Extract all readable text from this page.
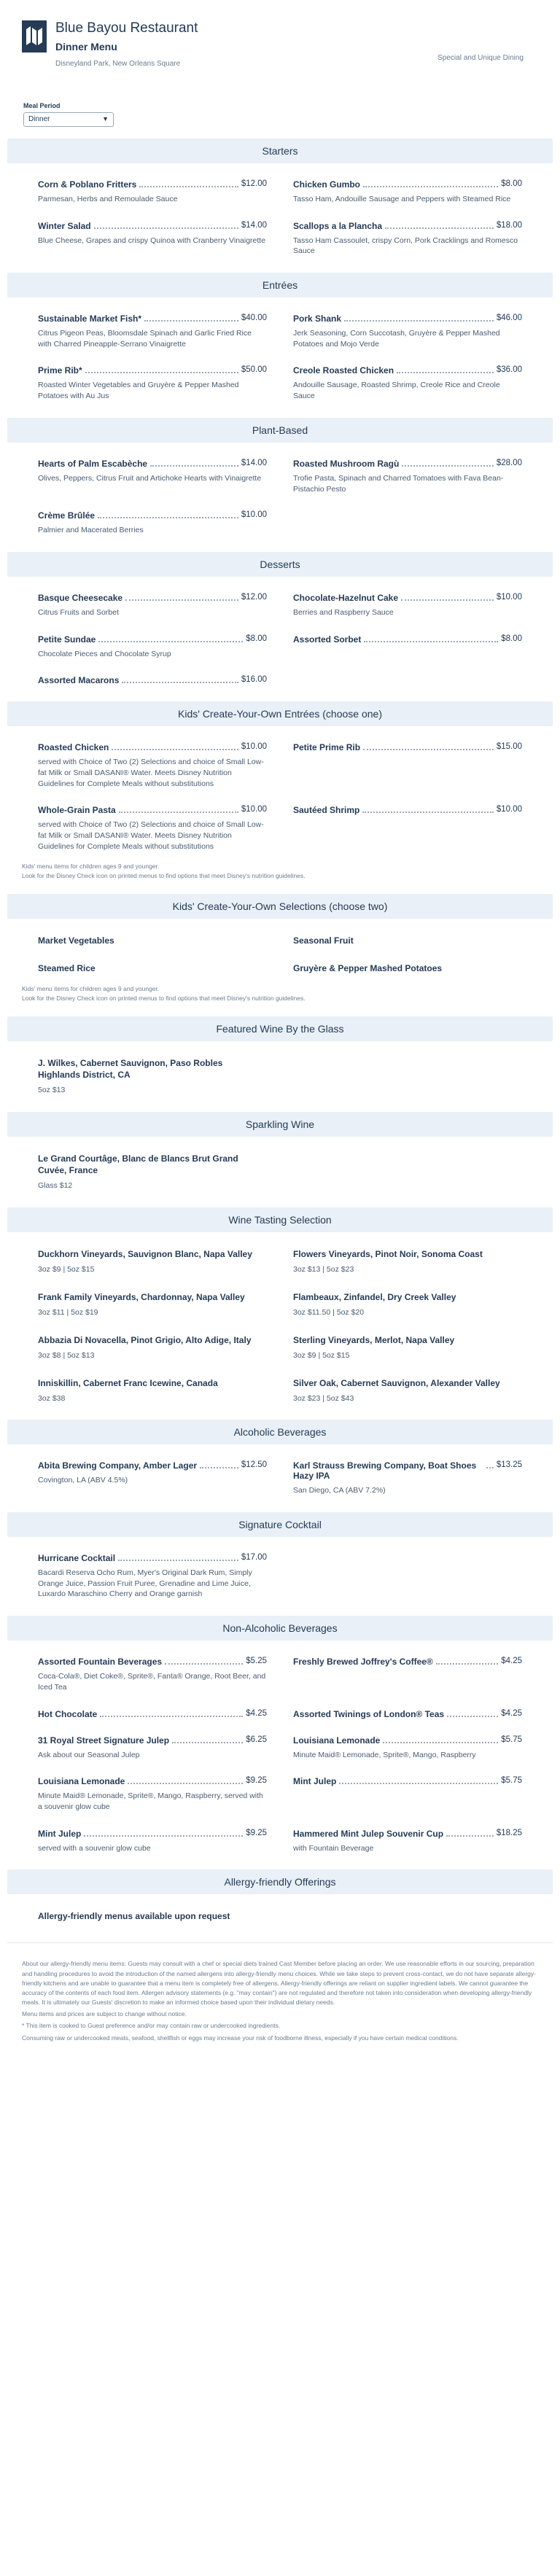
Blue Bayou Restaurant
Dinner Menu
Disneyland Park, New Orleans Square
Special and Unique Dining
Meal Period
Dinner	▼
Starters
Corn & Poblano Fritters	$12.00
Parmesan, Herbs and Remoulade Sauce
Chicken Gumbo	$8.00
Tasso Ham, Andouille Sausage and Peppers with Steamed Rice
Winter Salad	$14.00
Blue Cheese, Grapes and crispy Quinoa with Cranberry Vinaigrette
Scallops a la Plancha	$18.00
Tasso Ham Cassoulet, crispy Corn, Pork Cracklings and Romesco Sauce
Entrées
Sustainable Market Fish*	$40.00
Citrus Pigeon Peas, Bloomsdale Spinach and Garlic Fried Rice with Charred Pineapple-Serrano Vinaigrette
Pork Shank	$46.00
Jerk Seasoning, Corn Succotash, Gruyère & Pepper Mashed Potatoes and Mojo Verde
Prime Rib*	$50.00
Roasted Winter Vegetables and Gruyère & Pepper Mashed Potatoes with Au Jus
Creole Roasted Chicken	$36.00
Andouille Sausage, Roasted Shrimp, Creole Rice and Creole Sauce
Plant-Based
Hearts of Palm Escabèche	$14.00
Olives, Peppers, Citrus Fruit and Artichoke Hearts with Vinaigrette
Roasted Mushroom Ragù	$28.00
Trofie Pasta, Spinach and Charred Tomatoes with Fava Bean-Pistachio Pesto
Crème Brûlée	$10.00
Palmier and Macerated Berries
Desserts
Basque Cheesecake	$12.00
Citrus Fruits and Sorbet
Chocolate-Hazelnut Cake	$10.00
Berries and Raspberry Sauce
Petite Sundae	$8.00
Chocolate Pieces and Chocolate Syrup
Assorted Sorbet	$8.00
Assorted Macarons	$16.00
Kids' Create-Your-Own Entrées (choose one)
Roasted Chicken	$10.00
served with Choice of Two (2) Selections and choice of Small Low-fat Milk or Small DASANI® Water. Meets Disney Nutrition Guidelines for Complete Meals without substitutions
Petite Prime Rib	$15.00
Whole-Grain Pasta	$10.00
served with Choice of Two (2) Selections and choice of Small Low-fat Milk or Small DASANI® Water. Meets Disney Nutrition Guidelines for Complete Meals without substitutions
Sautéed Shrimp	$10.00
Kids' menu items for children ages 9 and younger.
Look for the Disney Check icon on printed menus to find options that meet Disney's nutrition guidelines.
Kids' Create-Your-Own Selections (choose two)
Market Vegetables	Seasonal Fruit
Steamed Rice	Gruyère & Pepper Mashed Potatoes
Kids' menu items for children ages 9 and younger.
Look for the Disney Check icon on printed menus to find options that meet Disney's nutrition guidelines.
Featured Wine By the Glass
J. Wilkes, Cabernet Sauvignon, Paso Robles Highlands District, CA
5oz $13
Sparkling Wine
Le Grand Courtâge, Blanc de Blancs Brut Grand Cuvée, France
Glass $12
Wine Tasting Selection
Duckhorn Vineyards, Sauvignon Blanc, Napa Valley
3oz $9 | 5oz $15
Flowers Vineyards, Pinot Noir, Sonoma Coast
3oz $13 | 5oz $23
Frank Family Vineyards, Chardonnay, Napa Valley
3oz $11 | 5oz $19
Flambeaux, Zinfandel, Dry Creek Valley
3oz $11.50 | 5oz $20
Abbazia Di Novacella, Pinot Grigio, Alto Adige, Italy
3oz $8 | 5oz $13
Sterling Vineyards, Merlot, Napa Valley
3oz $9 | 5oz $15
Inniskillin, Cabernet Franc Icewine, Canada
3oz $38
Silver Oak, Cabernet Sauvignon, Alexander Valley
3oz $23 | 5oz $43
Alcoholic Beverages
Abita Brewing Company, Amber Lager	$12.50
Covington, LA (ABV 4.5%)
Karl Strauss Brewing Company, Boat Shoes Hazy IPA
$13.25
San Diego, CA (ABV 7.2%)
Signature Cocktail
Hurricane Cocktail	$17.00
Bacardi Reserva Ocho Rum, Myer's Original Dark Rum, Simply Orange Juice, Passion Fruit Puree, Grenadine and Lime Juice, Luxardo Maraschino Cherry and Orange garnish
Non-Alcoholic Beverages
Assorted Fountain Beverages	$5.25
Coca-Cola®, Diet Coke®, Sprite®, Fanta® Orange, Root Beer, and Iced Tea
Freshly Brewed Joffrey's Coffee®	$4.25
Hot Chocolate	$4.25	Assorted Twinings of London® Teas	$4.25
31 Royal Street Signature Julep	$6.25
Ask about our Seasonal Julep
Louisiana Lemonade	$5.75
Minute Maid® Lemonade, Sprite®, Mango, Raspberry
Louisiana Lemonade	$9.25
Minute Maid® Lemonade, Sprite®, Mango, Raspberry, served with a souvenir glow cube
Mint Julep	$5.75
Mint Julep	$9.25
served with a souvenir glow cube
Hammered Mint Julep Souvenir Cup	$18.25
with Fountain Beverage
Allergy-friendly Offerings
Allergy-friendly menus available upon request

About our allergy-friendly menu items: Guests may consult with a chef or special diets trained Cast Member before placing an order. We use reasonable efforts in our sourcing, preparation and handling procedures to avoid the introduction of the named allergens into allergy-friendly menu choices. While we take steps to prevent cross-contact, we do not have separate allergy-friendly kitchens and are unable to guarantee that a menu item is completely free of allergens. Allergy-friendly offerings are reliant on supplier ingredient labels. We cannot guarantee the accuracy of the contents of each food item. Allergen advisory statements (e.g. "may contain") are not regulated and therefore not taken into consideration when developing allergy-friendly meals. It is ultimately our Guests' discretion to make an informed choice based upon their individual dietary needs.

Menu items and prices are subject to change without notice.

* This item is cooked to Guest preference and/or may contain raw or undercooked ingredients.

Consuming raw or undercooked meats, seafood, shellfish or eggs may increase your risk of foodborne illness, especially if you have certain medical conditions.
